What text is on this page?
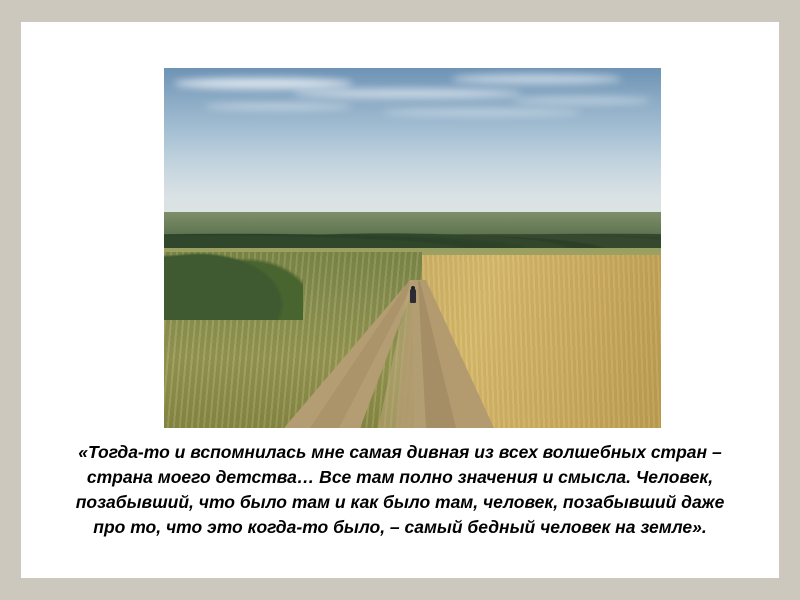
«Тогда-то и вспомнилась мне самая дивная из всех волшебных стран – страна моего детства… Все там полно значения и смысла. Человек, позабывший, что было там и как было там, человек, позабывший даже про то, что это когда-то было, – самый бедный человек на земле».
